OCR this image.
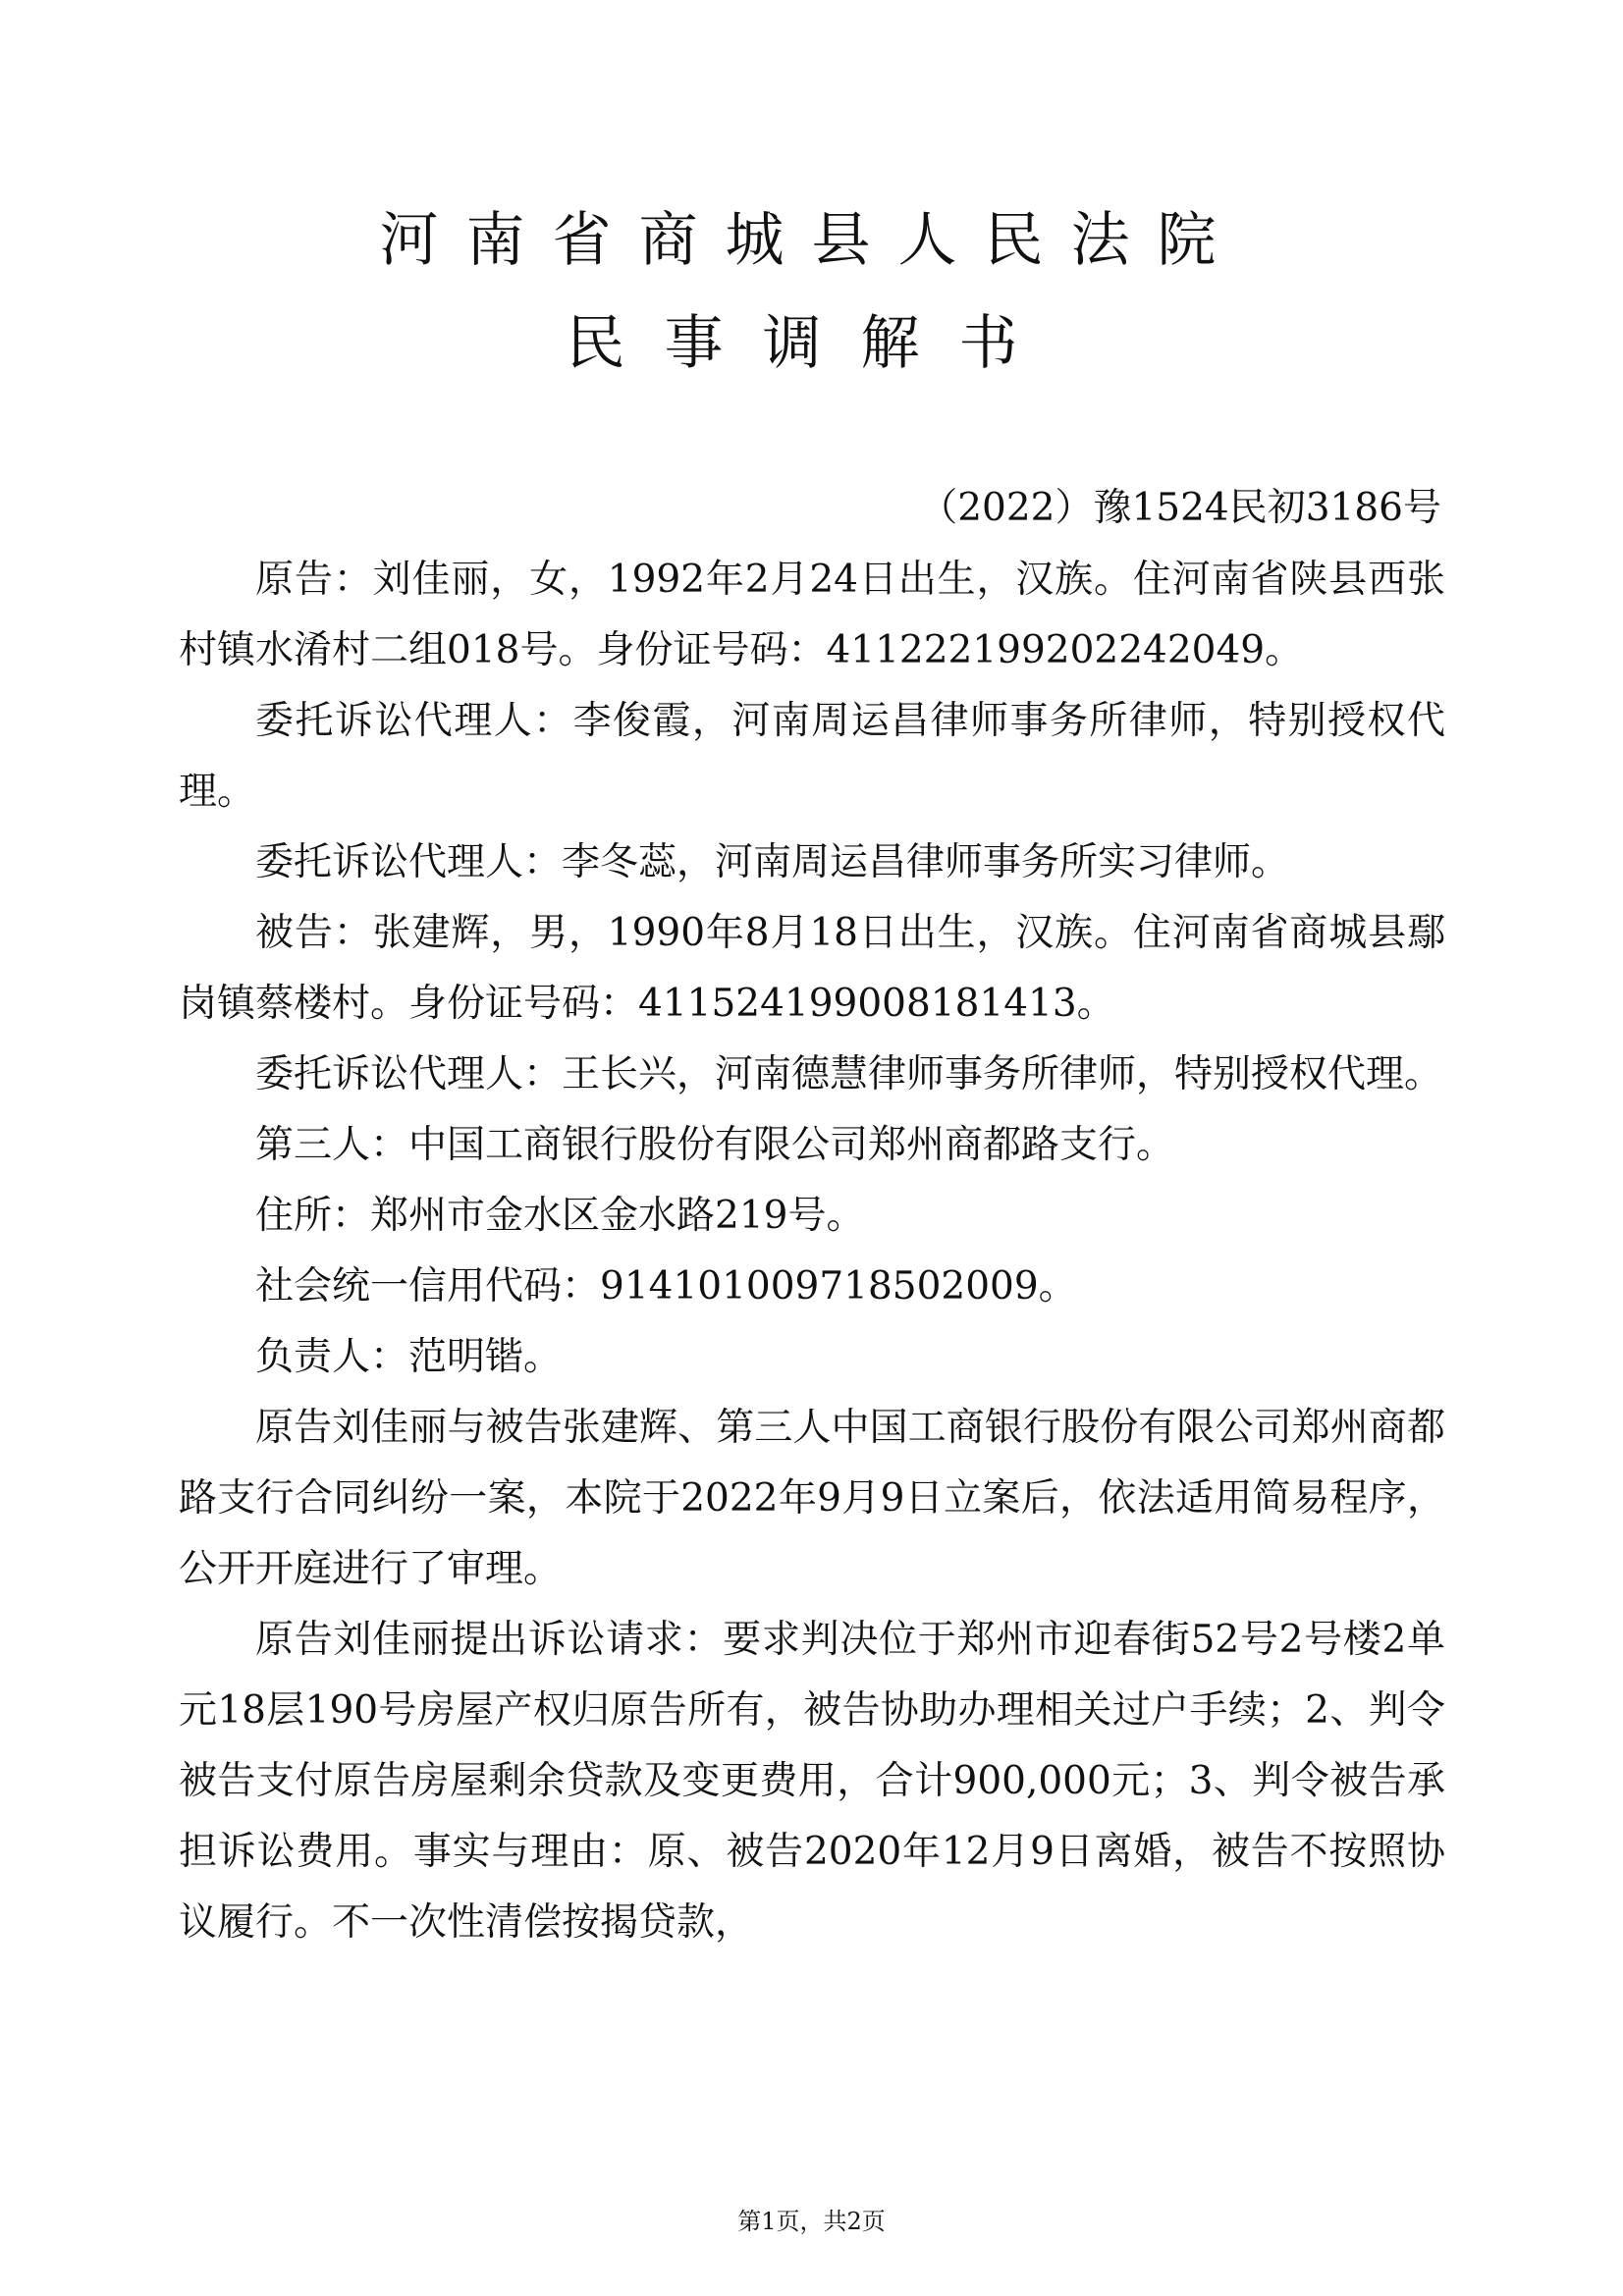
河南省商城县人民法院
民事调解书
（2022）豫1524民初3186号

原告：刘佳丽，女，1992年2月24日出生，汉族。住河南省陕县西张村镇水淆村二组018号。身份证号码：411222199202242049。

委托诉讼代理人：李俊霞，河南周运昌律师事务所律师，特别授权代理。

委托诉讼代理人：李冬蕊，河南周运昌律师事务所实习律师。

被告：张建辉，男，1990年8月18日出生，汉族。住河南省商城县鄢岗镇蔡楼村。身份证号码：411524199008181413。

委托诉讼代理人：王长兴，河南德慧律师事务所律师，特别授权代理。

第三人：中国工商银行股份有限公司郑州商都路支行。

住所：郑州市金水区金水路219号。

社会统一信用代码：914101009718502009。

负责人：范明锴。

原告刘佳丽与被告张建辉、第三人中国工商银行股份有限公司郑州商都路支行合同纠纷一案，本院于2022年9月9日立案后，依法适用简易程序，公开开庭进行了审理。

原告刘佳丽提出诉讼请求：要求判决位于郑州市迎春街52号2号楼2单元18层190号房屋产权归原告所有，被告协助办理相关过户手续；2、判令被告支付原告房屋剩余贷款及变更费用，合计900,000元；3、判令被告承担诉讼费用。事实与理由：原、被告2020年12月9日离婚，被告不按照协议履行。不一次性清偿按揭贷款，

第1页，共2页
